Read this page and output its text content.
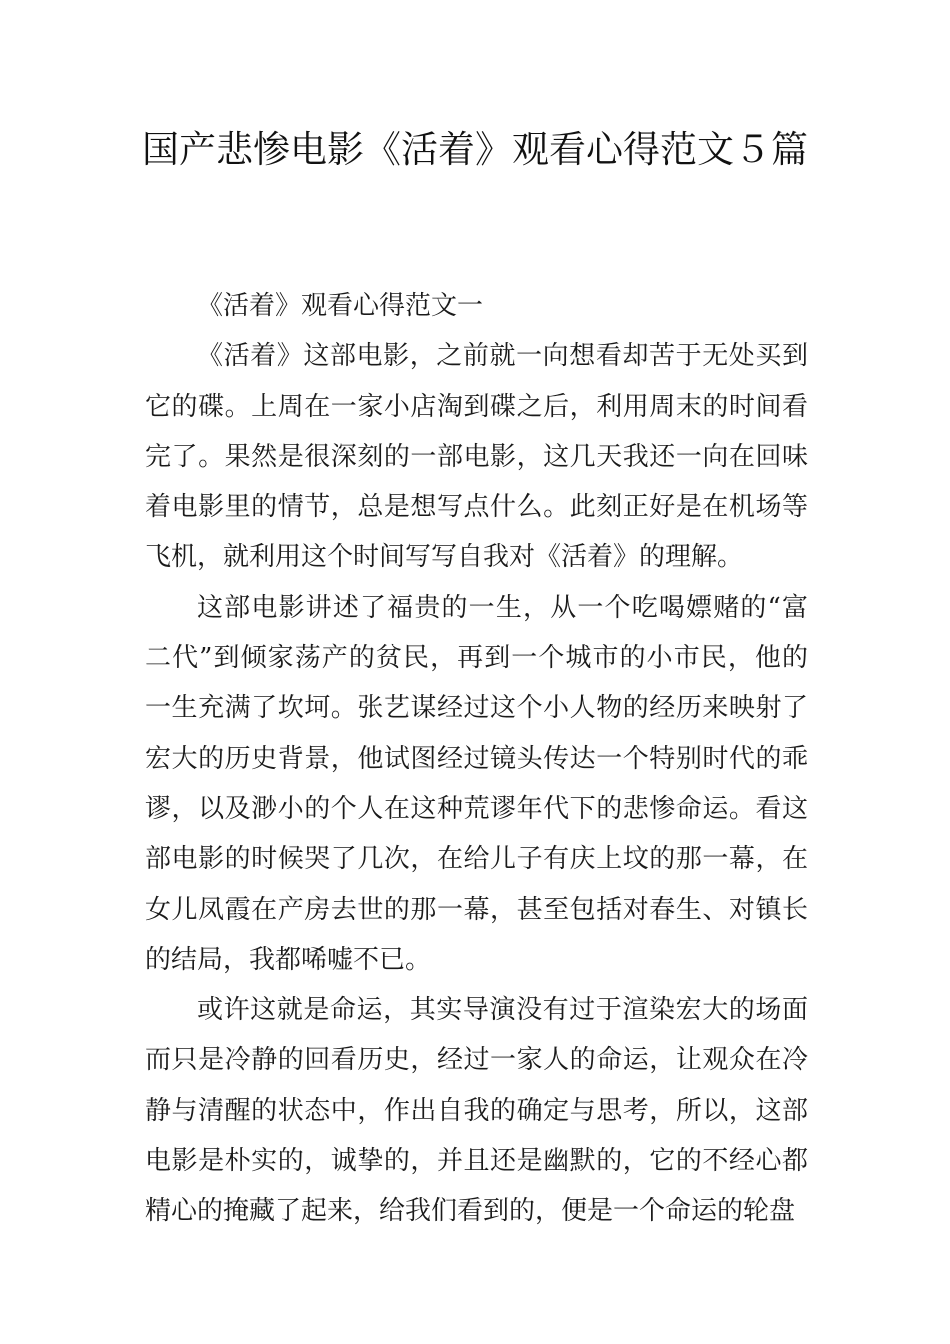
国产悲惨电影《活着》观看心得范文５篇

《活着》观看心得范文一

《活着》这部电影，之前就一向想看却苦于无处买到它的碟。上周在一家小店淘到碟之后，利用周末的时间看完了。果然是很深刻的一部电影，这几天我还一向在回味着电影里的情节，总是想写点什么。此刻正好是在机场等飞机，就利用这个时间写写自我对《活着》的理解。

这部电影讲述了福贵的一生，从一个吃喝嫖赌的“富二代”到倾家荡产的贫民，再到一个城市的小市民，他的一生充满了坎坷。张艺谋经过这个小人物的经历来映射了宏大的历史背景，他试图经过镜头传达一个特别时代的乖谬，以及渺小的个人在这种荒谬年代下的悲惨命运。看这部电影的时候哭了几次，在给儿子有庆上坟的那一幕，在女儿凤霞在产房去世的那一幕，甚至包括对春生、对镇长的结局，我都唏嘘不已。

或许这就是命运，其实导演没有过于渲染宏大的场面而只是冷静的回看历史，经过一家人的命运，让观众在冷静与清醒的状态中，作出自我的确定与思考，所以，这部电影是朴实的，诚挚的，并且还是幽默的，它的不经心都精心的掩藏了起来，给我们看到的，便是一个命运的轮盘
